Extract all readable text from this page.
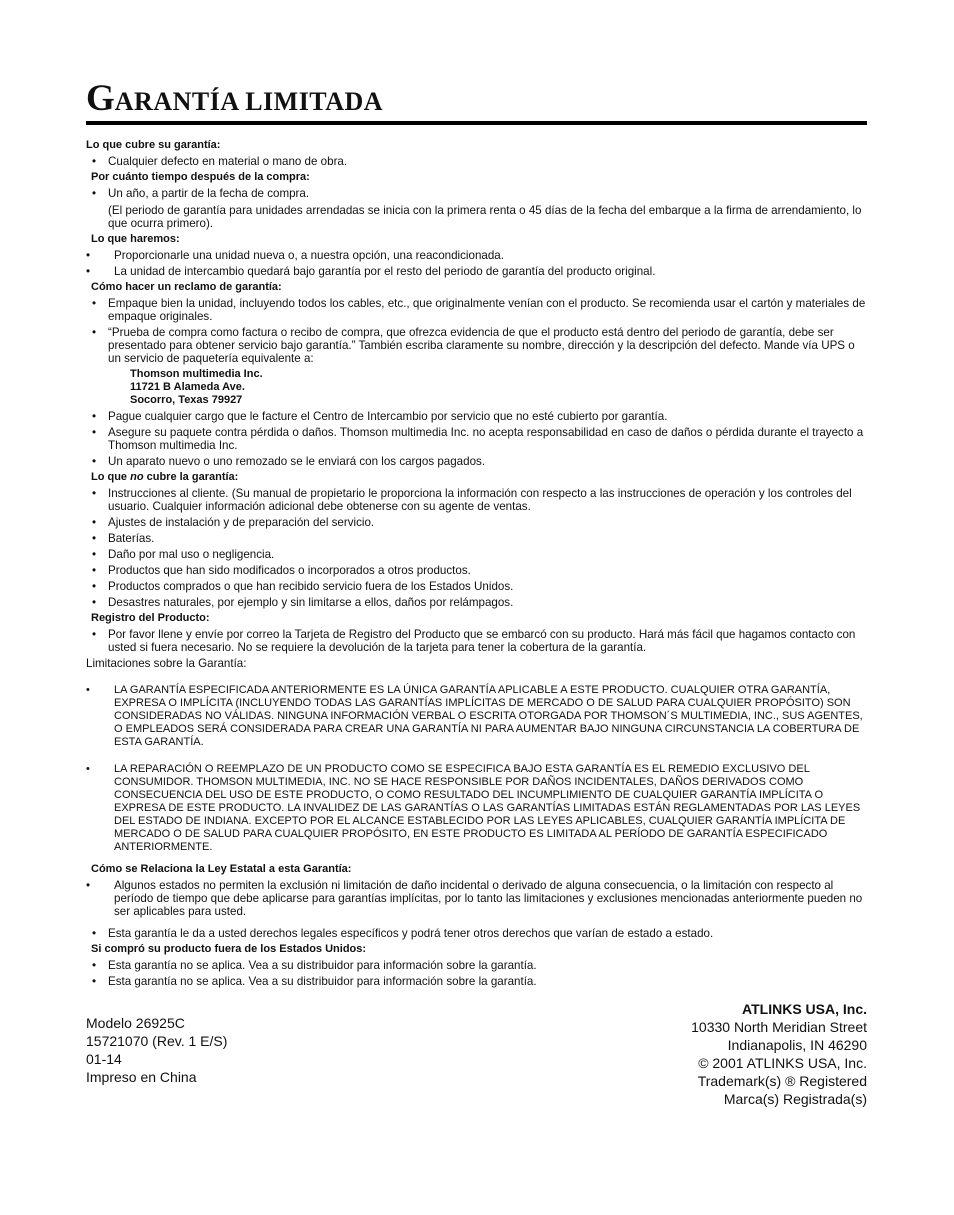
GARANTÍA LIMITADA
Lo que cubre su garantía:
• Cualquier defecto en material o mano de obra.
Por cuánto tiempo después de la compra:
• Un año, a partir de la fecha de compra.
(El periodo de garantía para unidades arrendadas se inicia con la primera renta o 45 días de la fecha del embarque a la firma de arrendamiento, lo que ocurra primero).
Lo que haremos:
• Proporcionarle una unidad nueva o, a nuestra opción, una reacondicionada.
• La unidad de intercambio quedará bajo garantía por el resto del periodo de garantía del producto original.
Cómo hacer un reclamo de garantía:
• Empaque bien la unidad, incluyendo todos los cables, etc., que originalmente venían con el producto. Se recomienda usar el cartón y materiales de empaque originales.
• “Prueba de compra como factura o recibo de compra, que ofrezca evidencia de que el producto está dentro del periodo de garantía, debe ser presentado para obtener servicio bajo garantía.” También escriba claramente su nombre, dirección y la descripción del defecto. Mande vía UPS o un servicio de paquetería equivalente a:
Thomson multimedia Inc.
11721 B Alameda Ave.
Socorro, Texas 79927
• Pague cualquier cargo que le facture el Centro de Intercambio por servicio que no esté cubierto por garantía.
• Asegure su paquete contra pérdida o daños. Thomson multimedia Inc. no acepta responsabilidad en caso de daños o pérdida durante el trayecto a Thomson multimedia Inc.
• Un aparato nuevo o uno remozado se le enviará con los cargos pagados.
Lo que no cubre la garantía:
• Instrucciones al cliente. (Su manual de propietario le proporciona la información con respecto a las instrucciones de operación y los controles del usuario. Cualquier información adicional debe obtenerse con su agente de ventas.
• Ajustes de instalación y de preparación del servicio.
• Baterías.
• Daño por mal uso o negligencia.
• Productos que han sido modificados o incorporados a otros productos.
• Productos comprados o que han recibido servicio fuera de los Estados Unidos.
• Desastres naturales, por ejemplo y sin limitarse a ellos, daños por relámpagos.
Registro del Producto:
• Por favor llene y envíe por correo la Tarjeta de Registro del Producto que se embarcó con su producto. Hará más fácil que hagamos contacto con usted si fuera necesario. No se requiere la devolución de la tarjeta para tener la cobertura de la garantía.
Limitaciones sobre la Garantía:
• LA GARANTÍA ESPECIFICADA ANTERIORMENTE ES LA ÚNICA GARANTÍA APLICABLE A ESTE PRODUCTO. CUALQUIER OTRA GARANTÍA, EXPRESA O IMPLÍCITA (INCLUYENDO TODAS LAS GARANTÍAS IMPLÍCITAS DE MERCADO O DE SALUD PARA CUALQUIER PROPÓSITO) SON CONSIDERADAS NO VÁLIDAS. NINGUNA INFORMACIÓN VERBAL O ESCRITA OTORGADA POR THOMSON´S MULTIMEDIA, INC., SUS AGENTES, O EMPLEADOS SERÁ CONSIDERADA PARA CREAR UNA GARANTÍA NI PARA AUMENTAR BAJO NINGUNA CIRCUNSTANCIA LA COBERTURA DE ESTA GARANTÍA.
• LA REPARACIÓN O REEMPLAZO DE UN PRODUCTO COMO SE ESPECIFICA BAJO ESTA GARANTÍA ES EL REMEDIO EXCLUSIVO DEL CONSUMIDOR. THOMSON MULTIMEDIA, INC. NO SE HACE RESPONSIBLE POR DAÑOS INCIDENTALES, DAÑOS DERIVADOS COMO CONSECUENCIA DEL USO DE ESTE PRODUCTO, O COMO RESULTADO DEL INCUMPLIMIENTO DE CUALQUIER GARANTÍA IMPLÍCITA O EXPRESA DE ESTE PRODUCTO. LA INVALIDEZ DE LAS GARANTÍAS O LAS GARANTÍAS LIMITADAS ESTÁN REGLAMENTADAS POR LAS LEYES DEL ESTADO DE INDIANA. EXCEPTO POR EL ALCANCE ESTABLECIDO POR LAS LEYES APLICABLES, CUALQUIER GARANTÍA IMPLÍCITA DE MERCADO O DE SALUD PARA CUALQUIER PROPÓSITO, EN ESTE PRODUCTO ES LIMITADA AL PERÍODO DE GARANTÍA ESPECIFICADO ANTERIORMENTE.
Cómo se Relaciona la Ley Estatal a esta Garantía:
• Algunos estados no permiten la exclusión ni limitación de daño incidental o derivado de alguna consecuencia, o la limitación con respecto al período de tiempo que debe aplicarse para garantías implícitas, por lo tanto las limitaciones y exclusiones mencionadas anteriormente pueden no ser aplicables para usted.
• Esta garantía le da a usted derechos legales específicos y podrá tener otros derechos que varían de estado a estado.
Si compró su producto fuera de los Estados Unidos:
• Esta garantía no se aplica. Vea a su distribuidor para información sobre la garantía.
• Esta garantía no se aplica. Vea a su distribuidor para información sobre la garantía.
Modelo 26925C
15721070 (Rev. 1 E/S)
01-14
Impreso en China
ATLINKS USA, Inc.
10330 North Meridian Street
Indianapolis, IN 46290
© 2001 ATLINKS USA, Inc.
Trademark(s) ® Registered
Marca(s) Registrada(s)
